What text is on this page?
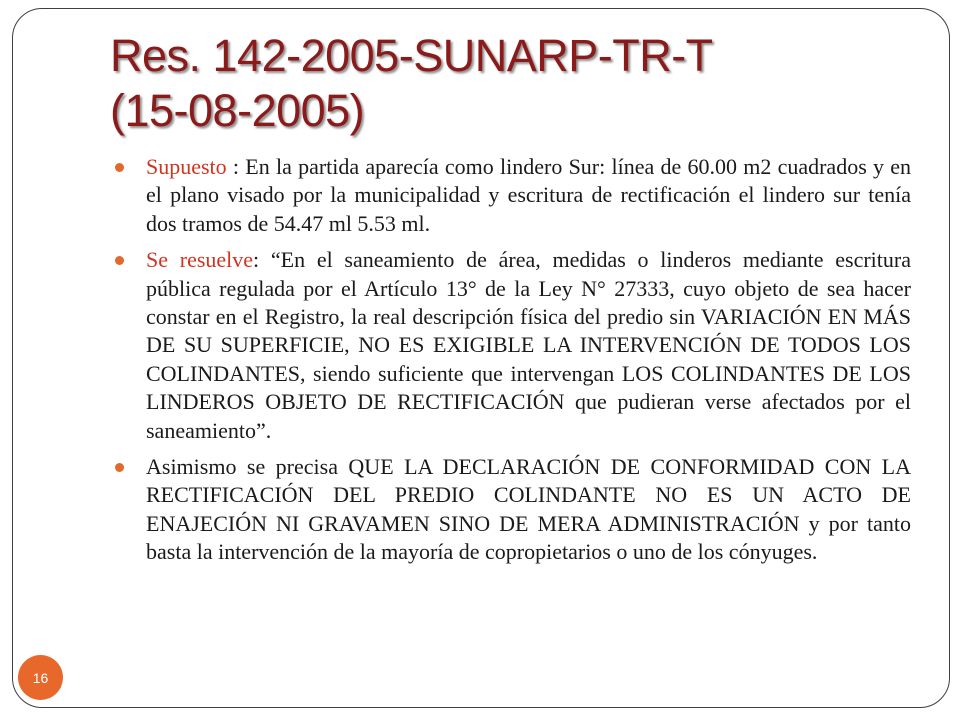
Res. 142-2005-SUNARP-TR-T
(15-08-2005)
Supuesto : En la partida aparecía como lindero Sur: línea de 60.00 m2 cuadrados y en el plano visado por la municipalidad y escritura de rectificación el lindero sur tenía dos tramos de 54.47 ml 5.53 ml.
Se resuelve: “En el saneamiento de área, medidas o linderos mediante escritura pública regulada por el Artículo 13° de la Ley N° 27333, cuyo objeto de sea hacer constar en el Registro, la real descripción física del predio sin VARIACIÓN EN MÁS DE SU SUPERFICIE, NO ES EXIGIBLE LA INTERVENCIÓN DE TODOS LOS COLINDANTES, siendo suficiente que intervengan LOS COLINDANTES DE LOS LINDEROS OBJETO DE RECTIFICACIÓN que pudieran verse afectados por el saneamiento”.
Asimismo se precisa QUE LA DECLARACIÓN DE CONFORMIDAD CON LA RECTIFICACIÓN DEL PREDIO COLINDANTE NO ES UN ACTO DE ENAJECIÓN NI GRAVAMEN SINO DE MERA ADMINISTRACIÓN y por tanto basta la intervención de la mayoría de copropietarios o uno de los cónyuges.
16
